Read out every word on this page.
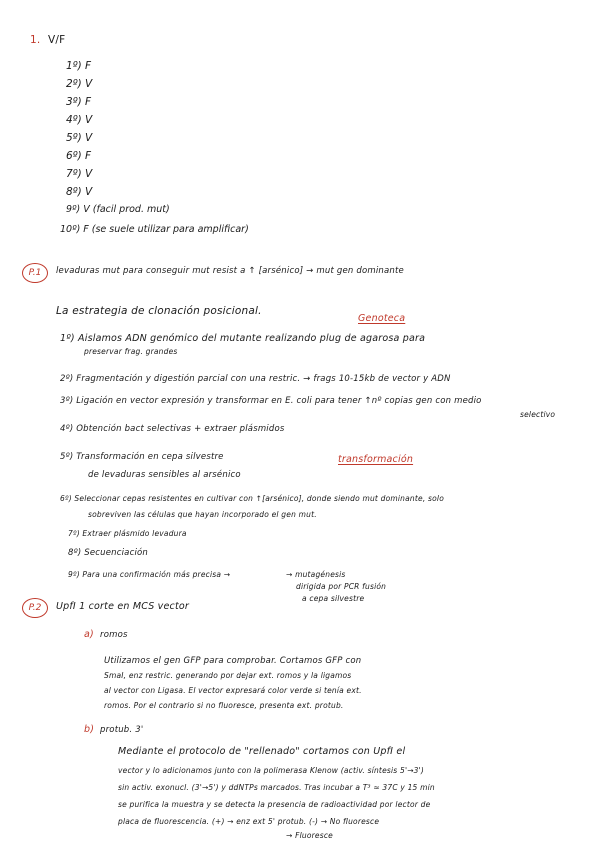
1. V/F
1º) F
2º) V
3º) F
4º) V
5º) V
6º) F
7º) V
8º) V
9º) V (facil prod. mut)
10º) F (se suele utilizar para amplificar)
P.1	levaduras mut para conseguir mut resist a ↑ [arsénico] → mut gen dominante
La estrategia de clonación posicional.
Genoteca
1º) Aislamos ADN genómico del mutante realizando plug de agarosa para
preservar frag. grandes
2º) Fragmentación y digestión parcial con una restric. → frags 10-15kb de vector y ADN
3º) Ligación en vector expresión y transformar en E. coli para tener ↑nº copias gen con medio
selectivo
4º) Obtención bact selectivas + extraer plásmidos
5º) Transformación en cepa silvestre	transformación
de levaduras sensibles al arsénico
6º) Seleccionar cepas resistentes en cultivar con ↑[arsénico], donde siendo mut dominante, solo
sobreviven las células que hayan incorporado el gen mut.
7º) Extraer plásmido levadura
8º) Secuenciación
9º) Para una confirmación más precisa →	→ mutagénesis
dirigida por PCR fusión
a cepa silvestre
P.2	UpfI 1 corte en MCS vector
a) romos
Utilizamos el gen GFP para comprobar. Cortamos GFP con
SmaI, enz restric. generando por dejar ext. romos y la ligamos
al vector con Ligasa. El vector expresará color verde si tenía ext.
romos. Por el contrario si no fluoresce, presenta ext. protub.
b) protub. 3'
Mediante el protocolo de "rellenado" cortamos con UpfI el
vector y lo adicionamos junto con la polimerasa Klenow (activ. síntesis 5'→3')
sin activ. exonucl. (3'→5') y ddNTPs marcados. Tras incubar a T³ ≈ 37C y 15 min
se purifica la muestra y se detecta la presencia de radioactividad por lector de
placa de fluorescencia. (+) → enz ext 5' protub. (-) → No fluoresce
→ Fluoresce
